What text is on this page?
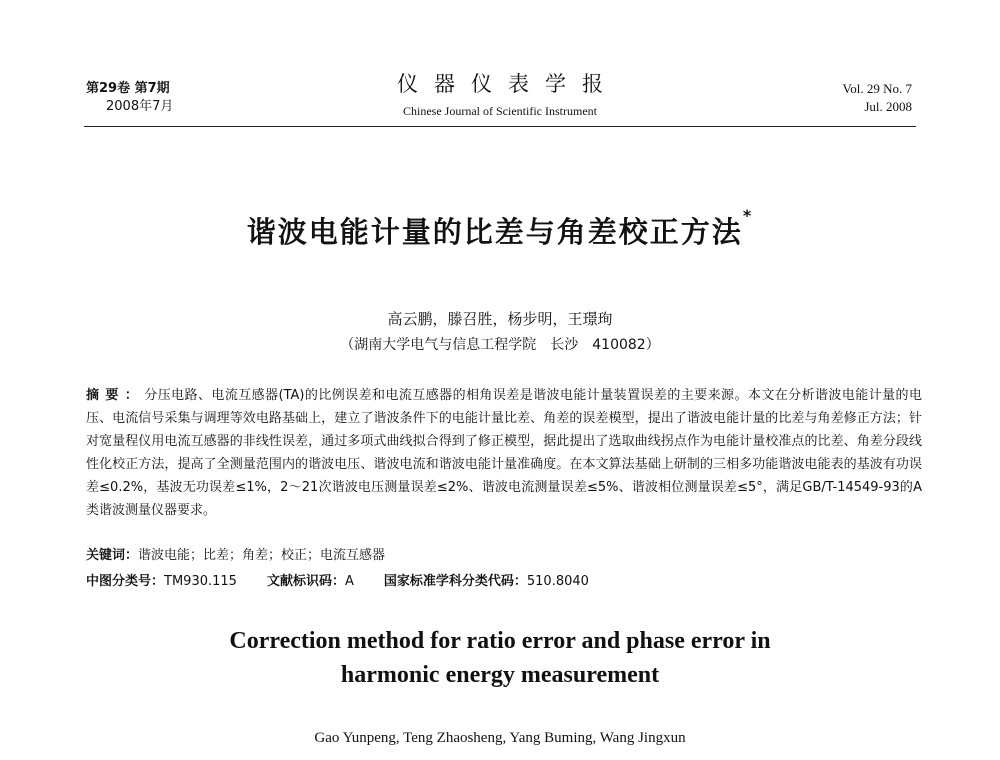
第29卷 第7期
2008年7月
仪器仪表学报
Chinese Journal of Scientific Instrument
Vol. 29 No. 7
Jul. 2008
谐波电能计量的比差与角差校正方法*
高云鹏，滕召胜，杨步明，王璟珣
（湖南大学电气与信息工程学院　长沙　410082）
摘要：分压电路、电流互感器(TA)的比例误差和电流互感器的相角误差是谐波电能计量装置误差的主要来源。本文在分析谐波电能计量的电压、电流信号采集与调理等效电路基础上，建立了谐波条件下的电能计量比差、角差的误差模型，提出了谐波电能计量的比差与角差修正方法；针对宽量程仪用电流互感器的非线性误差，通过多项式曲线拟合得到了修正模型，据此提出了选取曲线拐点作为电能计量校准点的比差、角差分段线性化校正方法，提高了全测量范围内的谐波电压、谐波电流和谐波电能计量准确度。在本文算法基础上研制的三相多功能谐波电能表的基波有功误差≤0.2%，基波无功误差≤1%，2～21次谐波电压测量误差≤2%、谐波电流测量误差≤5%、谐波相位测量误差≤5°，满足GB/T-14549-93的A类谐波测量仪器要求。
关键词：谐波电能；比差；角差；校正；电流互感器
中图分类号：TM930.115 文献标识码：A 国家标准学科分类代码：510.8040
Correction method for ratio error and phase error in
harmonic energy measurement
Gao Yunpeng, Teng Zhaosheng, Yang Buming, Wang Jingxun
